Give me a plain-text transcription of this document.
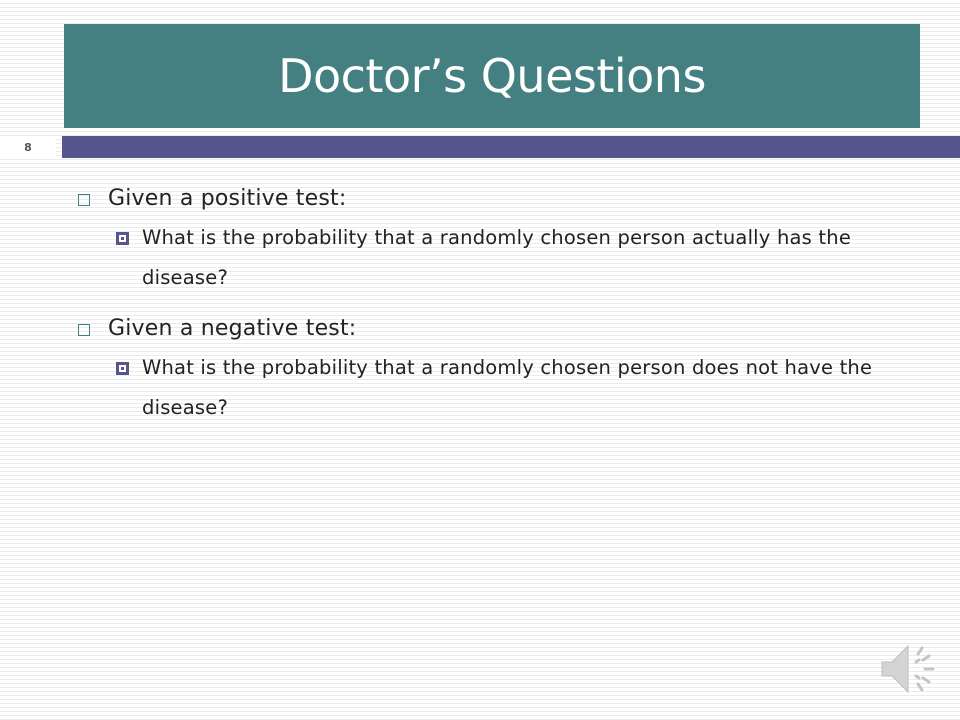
Doctor’s Questions
8
Given a positive test:
What is the probability that a randomly chosen person actually has the disease?
Given a negative test:
What is the probability that a randomly chosen person does not have the disease?
